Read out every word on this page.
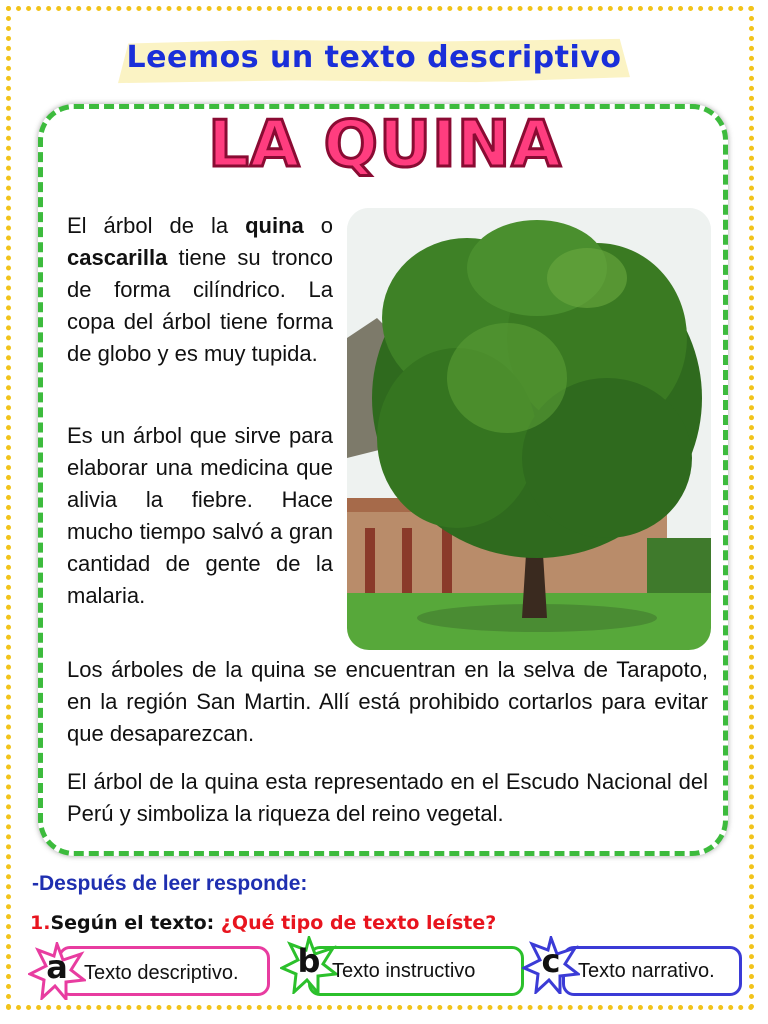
Leemos un texto descriptivo
LA QUINA
El árbol de la quina o cascarilla tiene su tronco de forma cilíndrico. La copa del árbol tiene forma de globo y es muy tupida.
Es un árbol que sirve para elaborar una medicina que alivia la fiebre. Hace mucho tiempo salvó a gran cantidad de gente de la malaria.
Los árboles de la quina se encuentran en la selva de Tarapoto, en la región San Martin. Allí está prohibido cortarlos para evitar que desaparezcan.
El árbol de la quina esta representado en el Escudo Nacional del Perú y simboliza la riqueza del reino vegetal.
-Después de leer responde:
1.Según el texto: ¿Qué tipo de texto leíste?
a Texto descriptivo.	b Texto instructivo	c Texto narrativo.
